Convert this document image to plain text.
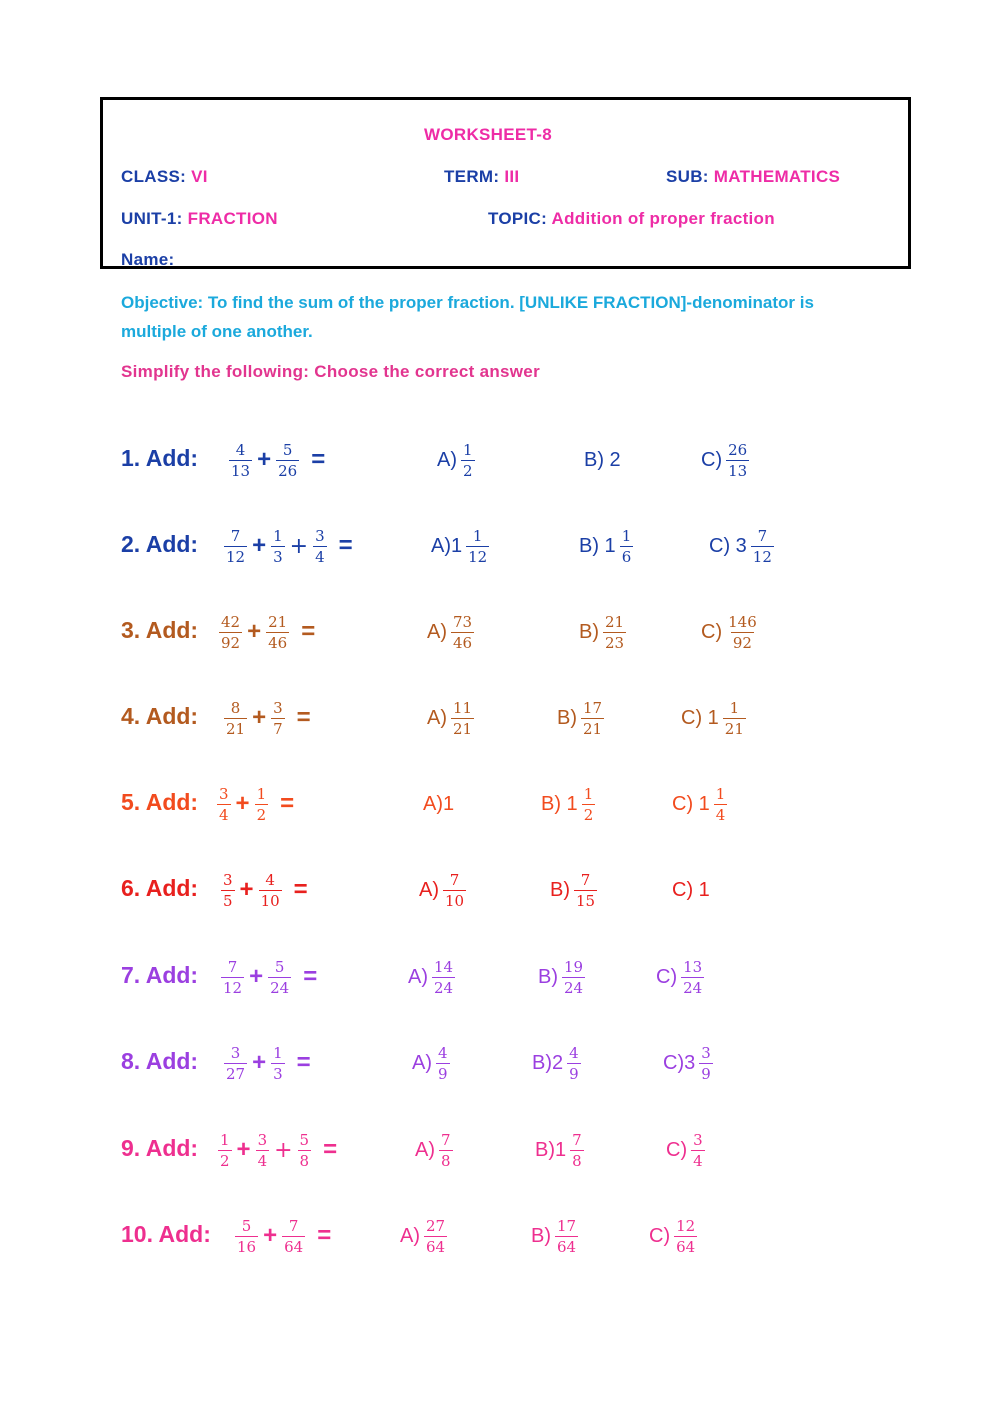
WORKSHEET-8
CLASS: VI	TERM: III	SUB: MATHEMATICS
UNIT-1: FRACTION	TOPIC: Addition of proper fraction
Name:
Objective: To find the sum of the proper fraction. [UNLIKE FRACTION]-denominator is multiple of one another.
Simplify the following: Choose the correct answer
1. Add: $\frac{4}{13} + \frac{5}{26}$ =	$A) \frac{1}{2}$	B) 2	$C) \frac{26}{13}$
2. Add: $\frac{7}{12} + \frac{1}{3} + \frac{3}{4}$ =	$A)1 \frac{1}{12}$	B) $1 \frac{1}{6}$	C) $3 \frac{7}{12}$
3. Add: $\frac{42}{92} + \frac{21}{46}$ =	$A) \frac{73}{46}$	$B) \frac{21}{23}$	$C) \frac{146}{92}$
4. Add: $\frac{8}{21} + \frac{3}{7}$ =	$A) \frac{11}{21}$	$B) \frac{17}{21}$	C) $1 \frac{1}{21}$
5. Add: $\frac{3}{4} + \frac{1}{2}$ =	A)1	B) $1 \frac{1}{2}$	C) $1 \frac{1}{4}$
6. Add: $\frac{3}{5} + \frac{4}{10}$ =	$A) \frac{7}{10}$	$B) \frac{7}{15}$	C) 1
7. Add: $\frac{7}{12} + \frac{5}{24}$ =	$A) \frac{14}{24}$	$B) \frac{19}{24}$	$C) \frac{13}{24}$
8. Add: $\frac{3}{27} + \frac{1}{3}$ =	$A) \frac{4}{9}$	$B)2 \frac{4}{9}$	$C)3 \frac{3}{9}$
9. Add: $\frac{1}{2} + \frac{3}{4} + \frac{5}{8}$ =	$A) \frac{7}{8}$	$B)1 \frac{7}{8}$	$C) \frac{3}{4}$
10. Add: $\frac{5}{16} + \frac{7}{64}$ =	$A) \frac{27}{64}$	$B) \frac{17}{64}$	$C) \frac{12}{64}$
